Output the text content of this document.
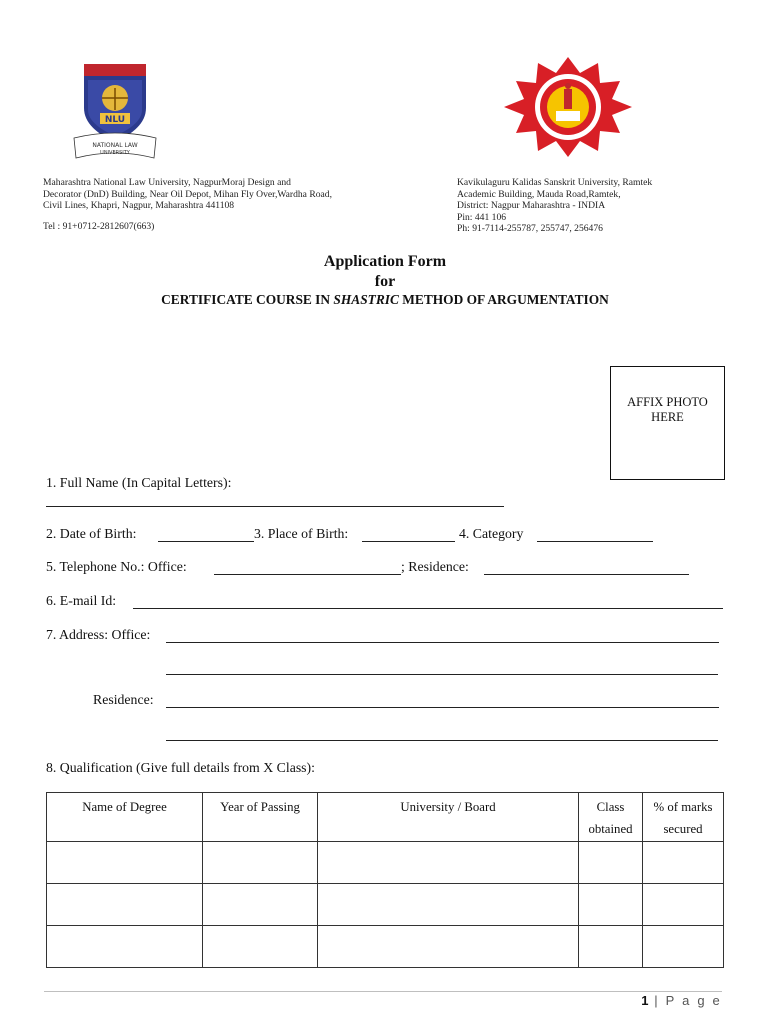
NLU
NATIONAL LAW
UNIVERSITY
Maharashtra National Law University, NagpurMoraj Design and
Decorator (DnD) Building, Near Oil Depot, Mihan Fly Over,Wardha Road,
Civil Lines, Khapri, Nagpur, Maharashtra 441108
Tel : 91+0712-2812607(663)
Kavikulaguru Kalidas Sanskrit University, Ramtek
Academic Building, Mauda Road,Ramtek,
District: Nagpur Maharashtra - INDIA
Pin: 441 106
Ph: 91-7114-255787, 255747, 256476
Application Form
for
CERTIFICATE COURSE IN SHASTRIC METHOD OF ARGUMENTATION
AFFIX PHOTO
HERE
1. Full Name (In Capital Letters):
2. Date of Birth:	3. Place of Birth:	4. Category
5. Telephone No.: Office:	; Residence:
6. E-mail Id:
7. Address: Office:
Residence:
8. Qualification (Give full details from X Class):
Name of Degree	Year of Passing	University / Board	Class obtained	% of marks secured

1 | P a g e
